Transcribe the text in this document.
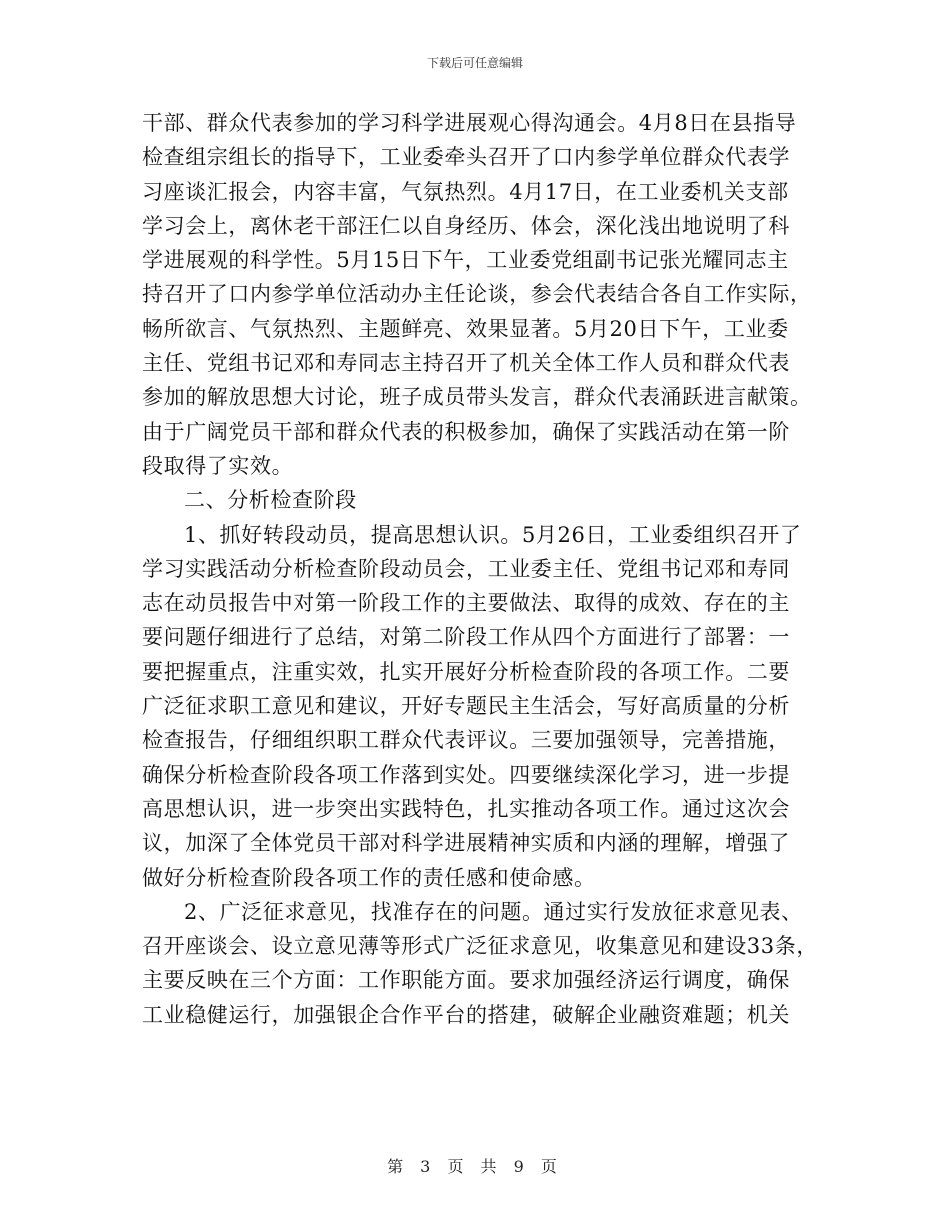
下载后可任意编辑
干部、群众代表参加的学习科学进展观心得沟通会。4月8日在县指导
检查组宗组长的指导下，工业委牵头召开了口内参学单位群众代表学
习座谈汇报会，内容丰富，气氛热烈。4月17日，在工业委机关支部
学习会上，离休老干部汪仁以自身经历、体会，深化浅出地说明了科
学进展观的科学性。5月15日下午，工业委党组副书记张光耀同志主
持召开了口内参学单位活动办主任论谈，参会代表结合各自工作实际，
畅所欲言、气氛热烈、主题鲜亮、效果显著。5月20日下午，工业委
主任、党组书记邓和寿同志主持召开了机关全体工作人员和群众代表
参加的解放思想大讨论，班子成员带头发言，群众代表涌跃进言献策。
由于广阔党员干部和群众代表的积极参加，确保了实践活动在第一阶
段取得了实效。
二、分析检查阶段
1、抓好转段动员，提高思想认识。5月26日，工业委组织召开了
学习实践活动分析检查阶段动员会，工业委主任、党组书记邓和寿同
志在动员报告中对第一阶段工作的主要做法、取得的成效、存在的主
要问题仔细进行了总结，对第二阶段工作从四个方面进行了部署：一
要把握重点，注重实效，扎实开展好分析检查阶段的各项工作。二要
广泛征求职工意见和建议，开好专题民主生活会，写好高质量的分析
检查报告，仔细组织职工群众代表评议。三要加强领导，完善措施，
确保分析检查阶段各项工作落到实处。四要继续深化学习，进一步提
高思想认识，进一步突出实践特色，扎实推动各项工作。通过这次会
议，加深了全体党员干部对科学进展精神实质和内涵的理解，增强了
做好分析检查阶段各项工作的责任感和使命感。
2、广泛征求意见，找准存在的问题。通过实行发放征求意见表、
召开座谈会、设立意见薄等形式广泛征求意见，收集意见和建设33条，
主要反映在三个方面：工作职能方面。要求加强经济运行调度，确保
工业稳健运行，加强银企合作平台的搭建，破解企业融资难题；机关
第 3 页 共 9 页
